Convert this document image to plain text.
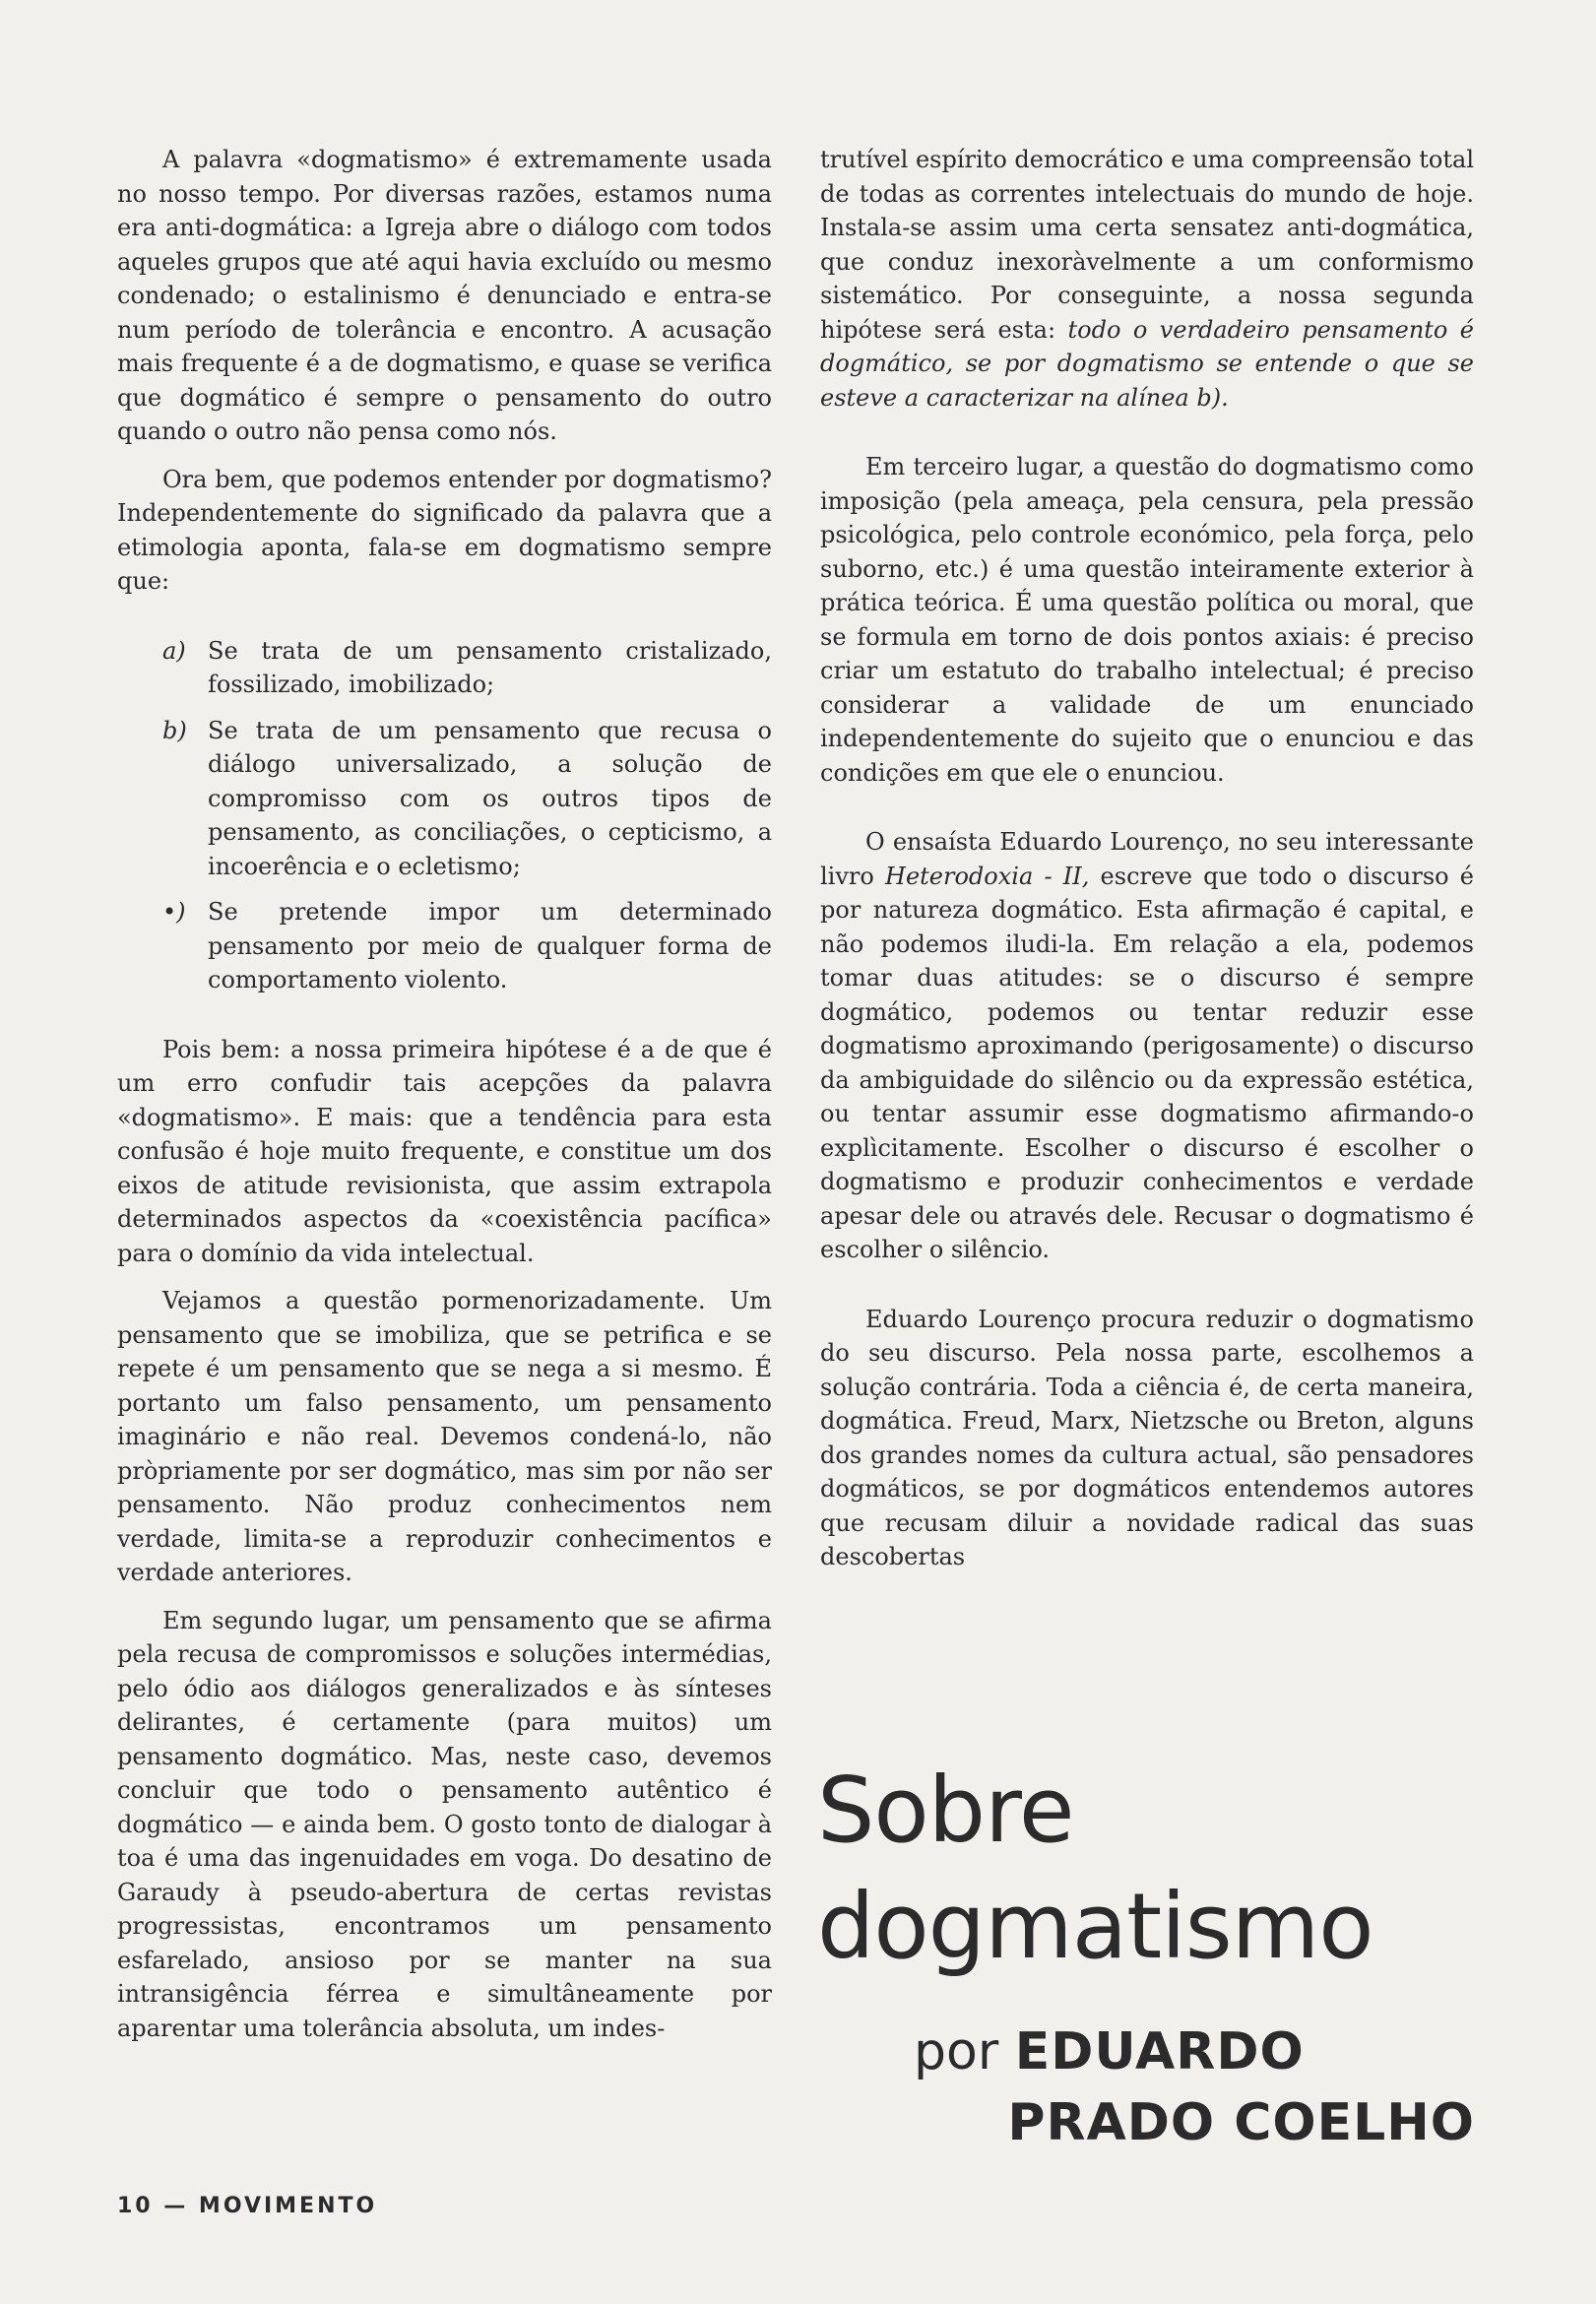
A palavra «dogmatismo» é extremamente usada no nosso tempo. Por diversas razões, estamos numa era anti-dogmática: a Igreja abre o diálogo com todos aqueles grupos que até aqui havia excluído ou mesmo condenado; o estalinismo é denunciado e entra-se num período de tolerância e encontro. A acusação mais frequente é a de dogmatismo, e quase se verifica que dogmático é sempre o pensamento do outro quando o outro não pensa como nós.

Ora bem, que podemos entender por dogmatismo? Independentemente do significado da palavra que a etimologia aponta, fala-se em dogmatismo sempre que:

a) Se trata de um pensamento cristalizado, fossilizado, imobilizado;
b) Se trata de um pensamento que recusa o diálogo universalizado, a solução de compromisso com os outros tipos de pensamento, as conciliações, o cepticismo, a incoerência e o ecletismo;
•) Se pretende impor um determinado pensamento por meio de qualquer forma de comportamento violento.

Pois bem: a nossa primeira hipótese é a de que é um erro confudir tais acepções da palavra «dogmatismo». E mais: que a tendência para esta confusão é hoje muito frequente, e constitue um dos eixos de atitude revisionista, que assim extrapola determinados aspectos da «coexistência pacífica» para o domínio da vida intelectual.

Vejamos a questão pormenorizadamente. Um pensamento que se imobiliza, que se petrifica e se repete é um pensamento que se nega a si mesmo. É portanto um falso pensamento, um pensamento imaginário e não real. Devemos condená-lo, não pròpriamente por ser dogmático, mas sim por não ser pensamento. Não produz conhecimentos nem verdade, limita-se a reproduzir conhecimentos e verdade anteriores.

Em segundo lugar, um pensamento que se afirma pela recusa de compromissos e soluções intermédias, pelo ódio aos diálogos generalizados e às sínteses delirantes, é certamente (para muitos) um pensamento dogmático. Mas, neste caso, devemos concluir que todo o pensamento autêntico é dogmático — e ainda bem. O gosto tonto de dialogar à toa é uma das ingenuidades em voga. Do desatino de Garaudy à pseudo-abertura de certas revistas progressistas, encontramos um pensamento esfarelado, ansioso por se manter na sua intransigência férrea e simultâneamente por aparentar uma tolerância absoluta, um indes-

trutível espírito democrático e uma compreensão total de todas as correntes intelectuais do mundo de hoje. Instala-se assim uma certa sensatez anti-dogmática, que conduz inexoràvelmente a um conformismo sistemático. Por conseguinte, a nossa segunda hipótese será esta: todo o verdadeiro pensamento é dogmático, se por dogmatismo se entende o que se esteve a caracterizar na alínea b).

Em terceiro lugar, a questão do dogmatismo como imposição (pela ameaça, pela censura, pela pressão psicológica, pelo controle económico, pela força, pelo suborno, etc.) é uma questão inteiramente exterior à prática teórica. É uma questão política ou moral, que se formula em torno de dois pontos axiais: é preciso criar um estatuto do trabalho intelectual; é preciso considerar a validade de um enunciado independentemente do sujeito que o enunciou e das condições em que ele o enunciou.

O ensaísta Eduardo Lourenço, no seu interessante livro Heterodoxia - II, escreve que todo o discurso é por natureza dogmático. Esta afirmação é capital, e não podemos iludi-la. Em relação a ela, podemos tomar duas atitudes: se o discurso é sempre dogmático, podemos ou tentar reduzir esse dogmatismo aproximando (perigosamente) o discurso da ambiguidade do silêncio ou da expressão estética, ou tentar assumir esse dogmatismo afirmando-o explìcitamente. Escolher o discurso é escolher o dogmatismo e produzir conhecimentos e verdade apesar dele ou através dele. Recusar o dogmatismo é escolher o silêncio.

Eduardo Lourenço procura reduzir o dogmatismo do seu discurso. Pela nossa parte, escolhemos a solução contrária. Toda a ciência é, de certa maneira, dogmática. Freud, Marx, Nietzsche ou Breton, alguns dos grandes nomes da cultura actual, são pensadores dogmáticos, se por dogmáticos entendemos autores que recusam diluir a novidade radical das suas descobertas

Sobre
dogmatismo
por EDUARDO
PRADO COELHO
10 — MOVIMENTO
